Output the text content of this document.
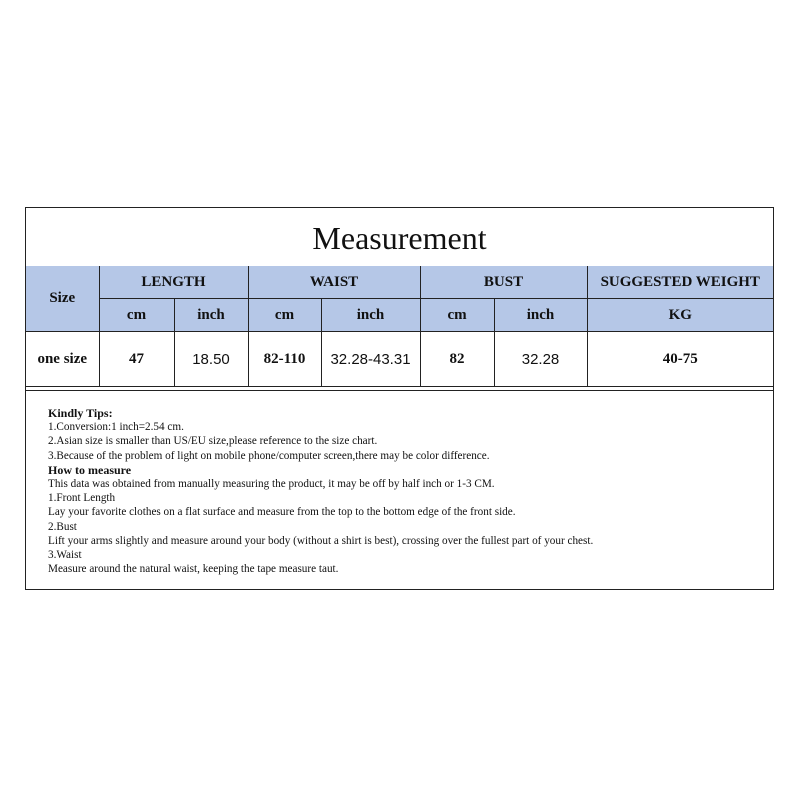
Measurement
Size	LENGTH		WAIST		BUST		SUGGESTED WEIGHT
	cm	inch	cm	inch	cm	inch	KG
one size	47	18.50	82-110	32.28-43.31	82	32.28	40-75
Kindly Tips:
1.Conversion:1 inch=2.54 cm.
2.Asian size is smaller than US/EU size,please reference to the size chart.
3.Because of the problem of light on mobile phone/computer screen,there may be color difference.
How to measure
This data was obtained from manually measuring the product, it may be off by half inch or 1-3 CM.
1.Front Length
Lay your favorite clothes on a flat surface and measure from the top to the bottom edge of the front side.
2.Bust
Lift your arms slightly and measure around your body (without a shirt is best), crossing over the fullest part of your chest.
3.Waist
Measure around the natural waist, keeping the tape measure taut.
